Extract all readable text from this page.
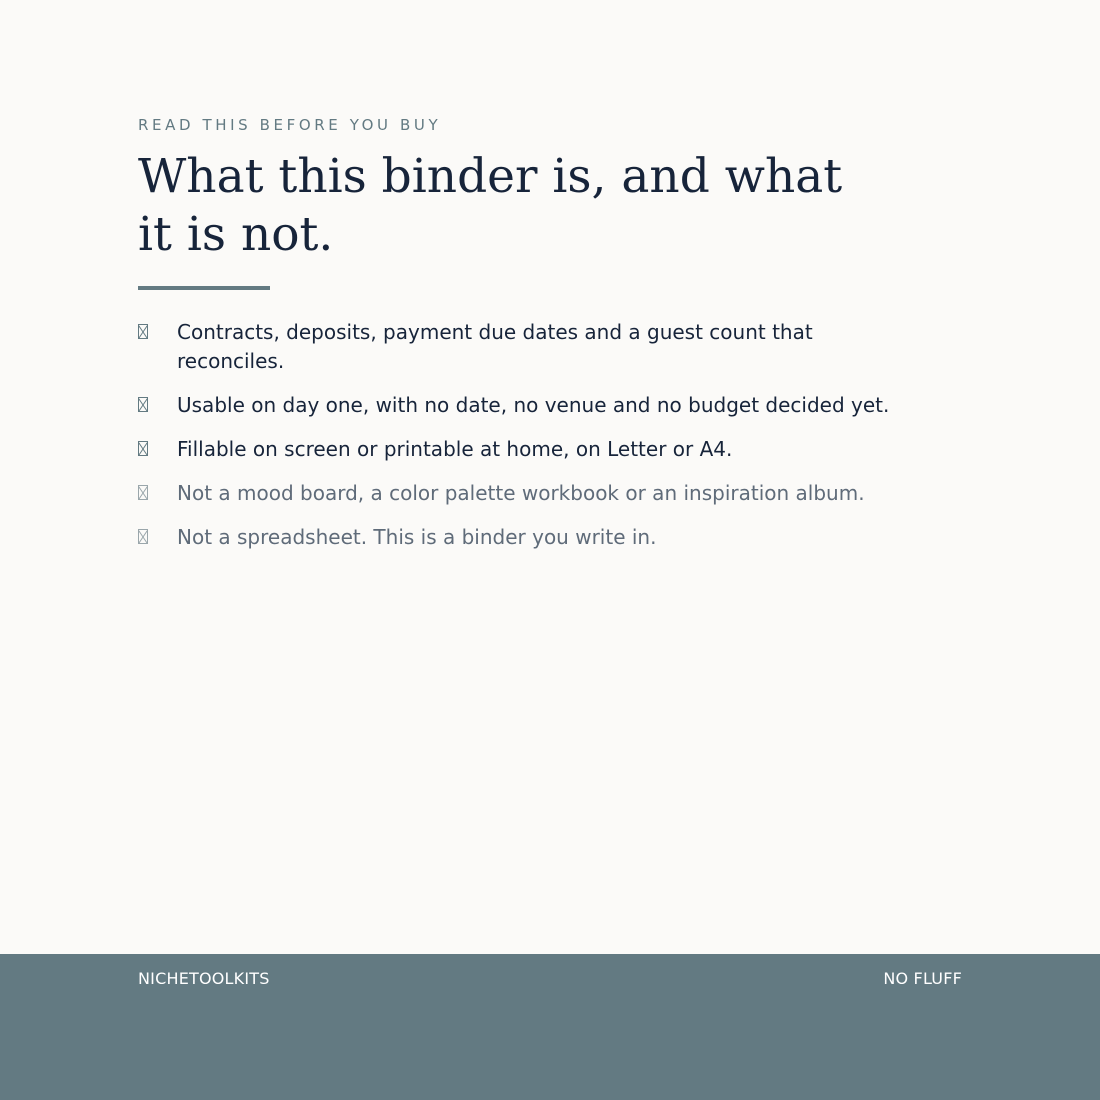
READ THIS BEFORE YOU BUY

What this binder is, and what it is not.
Contracts, deposits, payment due dates and a guest count that reconciles.
Usable on day one, with no date, no venue and no budget decided yet.
Fillable on screen or printable at home, on Letter or A4.
Not a mood board, a color palette workbook or an inspiration album.
Not a spreadsheet. This is a binder you write in.
NICHETOOLKITS	NO FLUFF
